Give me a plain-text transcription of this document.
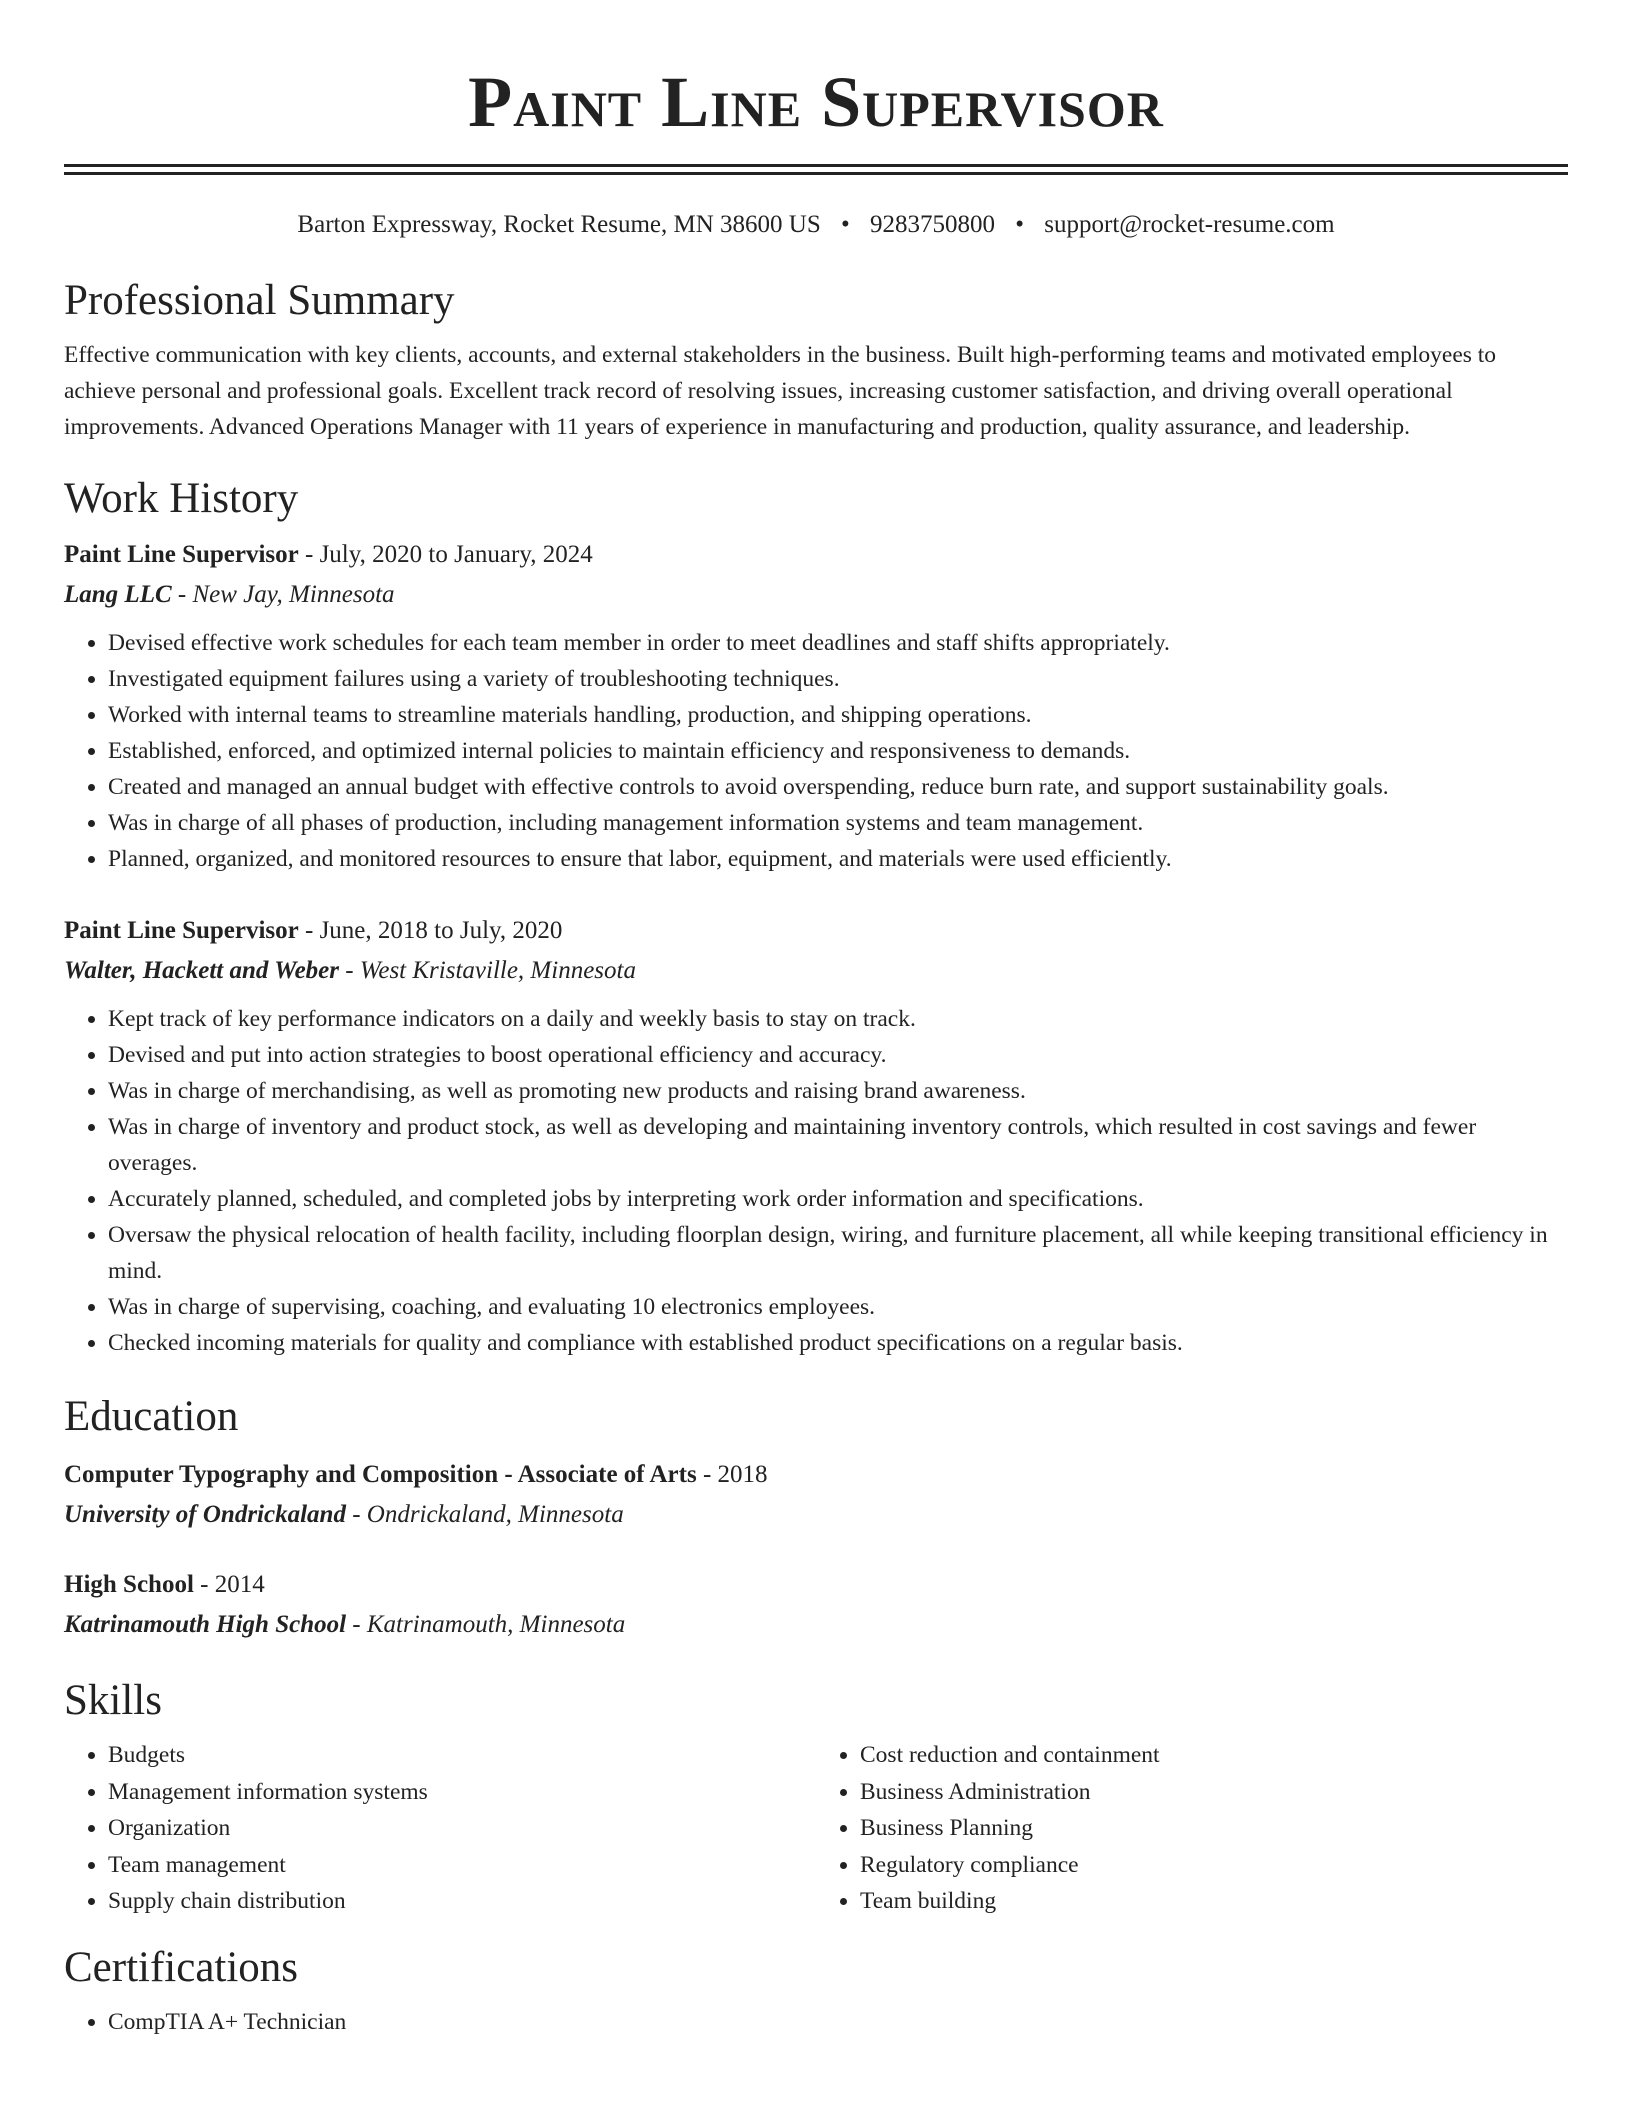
Paint Line Supervisor
Barton Expressway, Rocket Resume, MN 38600 US • 9283750800 • support@rocket-resume.com
Professional Summary

Effective communication with key clients, accounts, and external stakeholders in the business. Built high-performing teams and motivated employees to achieve personal and professional goals. Excellent track record of resolving issues, increasing customer satisfaction, and driving overall operational improvements. Advanced Operations Manager with 11 years of experience in manufacturing and production, quality assurance, and leadership.

Work History
Paint Line Supervisor - July, 2020 to January, 2024
Lang LLC - New Jay, Minnesota
• Devised effective work schedules for each team member in order to meet deadlines and staff shifts appropriately.
• Investigated equipment failures using a variety of troubleshooting techniques.
• Worked with internal teams to streamline materials handling, production, and shipping operations.
• Established, enforced, and optimized internal policies to maintain efficiency and responsiveness to demands.
• Created and managed an annual budget with effective controls to avoid overspending, reduce burn rate, and support sustainability goals.
• Was in charge of all phases of production, including management information systems and team management.
• Planned, organized, and monitored resources to ensure that labor, equipment, and materials were used efficiently.
Paint Line Supervisor - June, 2018 to July, 2020
Walter, Hackett and Weber - West Kristaville, Minnesota
• Kept track of key performance indicators on a daily and weekly basis to stay on track.
• Devised and put into action strategies to boost operational efficiency and accuracy.
• Was in charge of merchandising, as well as promoting new products and raising brand awareness.
• Was in charge of inventory and product stock, as well as developing and maintaining inventory controls, which resulted in cost savings and fewer overages.
• Accurately planned, scheduled, and completed jobs by interpreting work order information and specifications.
• Oversaw the physical relocation of health facility, including floorplan design, wiring, and furniture placement, all while keeping transitional efficiency in mind.
• Was in charge of supervising, coaching, and evaluating 10 electronics employees.
• Checked incoming materials for quality and compliance with established product specifications on a regular basis.
Education
Computer Typography and Composition - Associate of Arts - 2018
University of Ondrickaland - Ondrickaland, Minnesota
High School - 2014
Katrinamouth High School - Katrinamouth, Minnesota
Skills
• Budgets
• Management information systems
• Organization
• Team management
• Supply chain distribution
• Cost reduction and containment
• Business Administration
• Business Planning
• Regulatory compliance
• Team building
Certifications
• CompTIA A+ Technician
